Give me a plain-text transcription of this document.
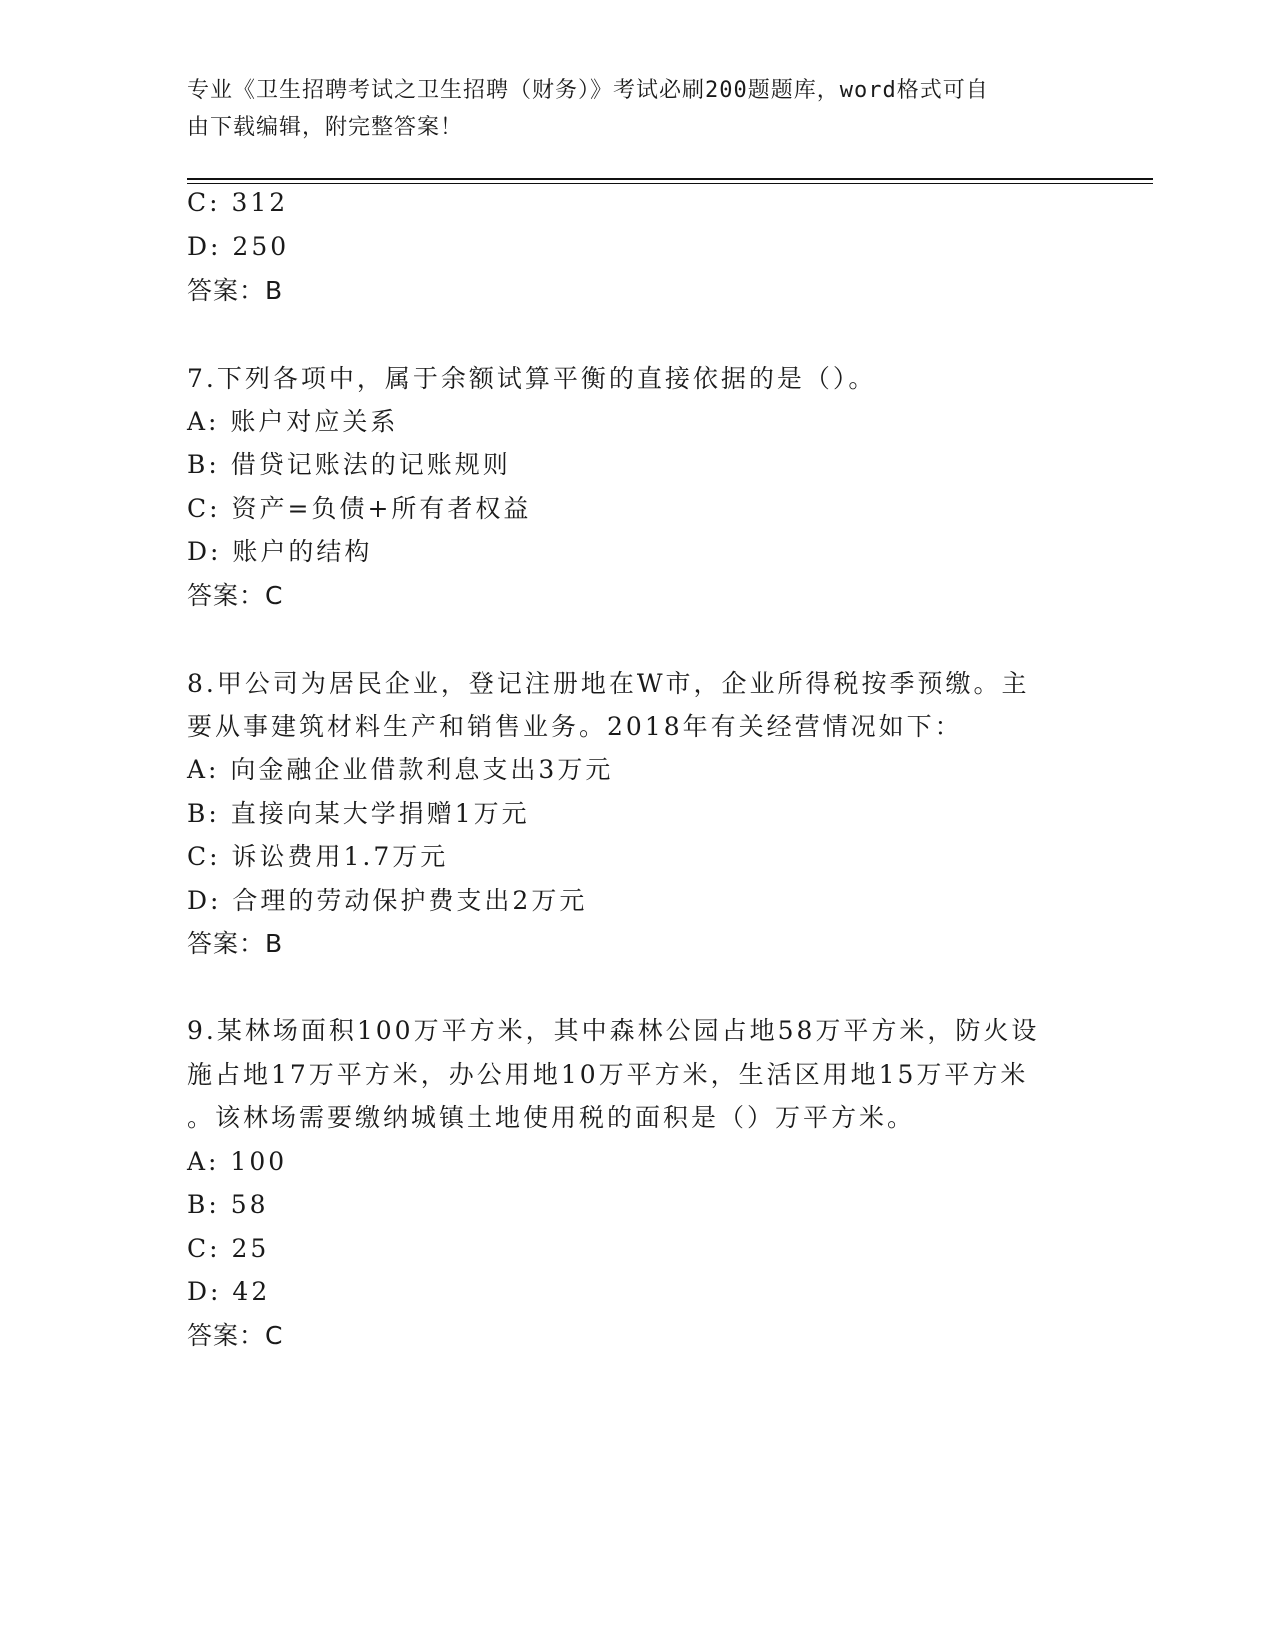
专业《卫生招聘考试之卫生招聘（财务）》考试必刷200题题库，word格式可自
由下载编辑，附完整答案！
C: 312
D: 250
答案：B
7.下列各项中，属于余额试算平衡的直接依据的是（）。
A: 账户对应关系
B: 借贷记账法的记账规则
C: 资产=负债+所有者权益
D: 账户的结构
答案：C
8.甲公司为居民企业，登记注册地在W市，企业所得税按季预缴。主
要从事建筑材料生产和销售业务。2018年有关经营情况如下：
A: 向金融企业借款利息支出3万元
B: 直接向某大学捐赠1万元
C: 诉讼费用1.7万元
D: 合理的劳动保护费支出2万元
答案：B
9.某林场面积100万平方米，其中森林公园占地58万平方米，防火设
施占地17万平方米，办公用地10万平方米，生活区用地15万平方米
。该林场需要缴纳城镇土地使用税的面积是（）万平方米。
A: 100
B: 58
C: 25
D: 42
答案：C
